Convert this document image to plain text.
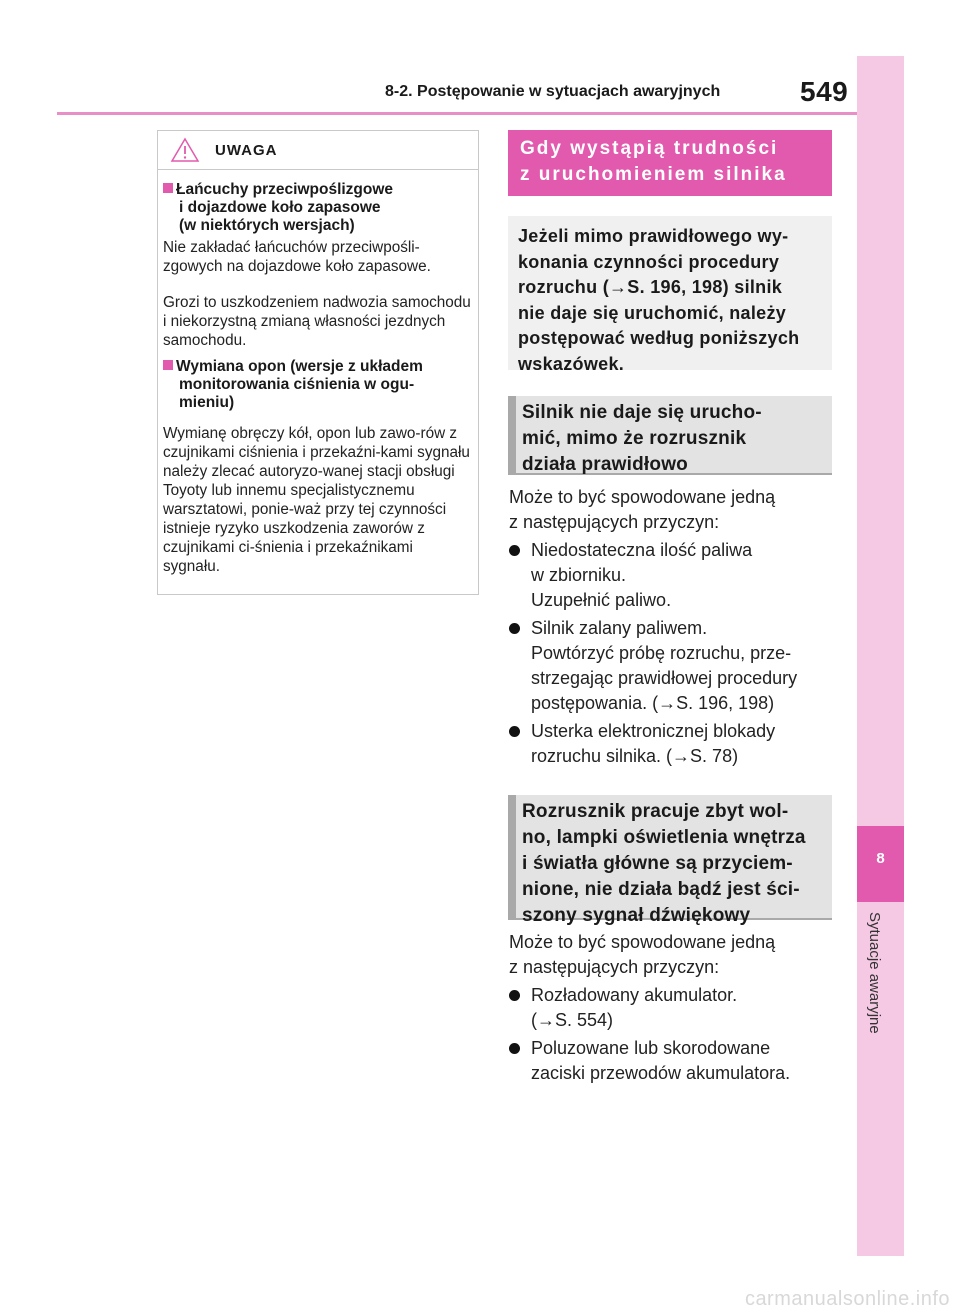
8-2. Postępowanie w sytuacjach awaryjnych	549
8
Sytuacje awaryjne
UWAGA
Łańcuchy przeciwpoślizgowe
i dojazdowe koło zapasowe
(w niektórych wersjach)
Nie zakładać łańcuchów przeciwpośli-zgowych na dojazdowe koło zapasowe.
Grozi to uszkodzeniem nadwozia samochodu i niekorzystną zmianą własności jezdnych samochodu.
Wymiana opon (wersje z układem
monitorowania ciśnienia w ogu-
mieniu)
Wymianę obręczy kół, opon lub zawo-rów z czujnikami ciśnienia i przekaźni-kami sygnału należy zlecać autoryzo-wanej stacji obsługi Toyoty lub innemu specjalistycznemu warsztatowi, ponie-waż przy tej czynności istnieje ryzyko uszkodzenia zaworów z czujnikami ci-śnienia i przekaźnikami sygnału.
Gdy wystąpią trudności
z uruchomieniem silnika
Jeżeli mimo prawidłowego wy-
konania czynności procedury
rozruchu (→S. 196, 198) silnik
nie daje się uruchomić, należy
postępować według poniższych
wskazówek.
Silnik nie daje się urucho-
mić, mimo że rozrusznik
działa prawidłowo
Może to być spowodowane jedną
z następujących przyczyn:
Niedostateczna ilość paliwa
w zbiorniku.
Uzupełnić paliwo.
Silnik zalany paliwem.
Powtórzyć próbę rozruchu, prze-
strzegając prawidłowej procedury
postępowania. (→S. 196, 198)
Usterka elektronicznej blokady
rozruchu silnika. (→S. 78)
Rozrusznik pracuje zbyt wol-
no, lampki oświetlenia wnętrza
i światła główne są przyciem-
nione, nie działa bądź jest ści-
szony sygnał dźwiękowy
Może to być spowodowane jedną
z następujących przyczyn:
Rozładowany akumulator.
(→S. 554)
Poluzowane lub skorodowane
zaciski przewodów akumulatora.
carmanualsonline.info
